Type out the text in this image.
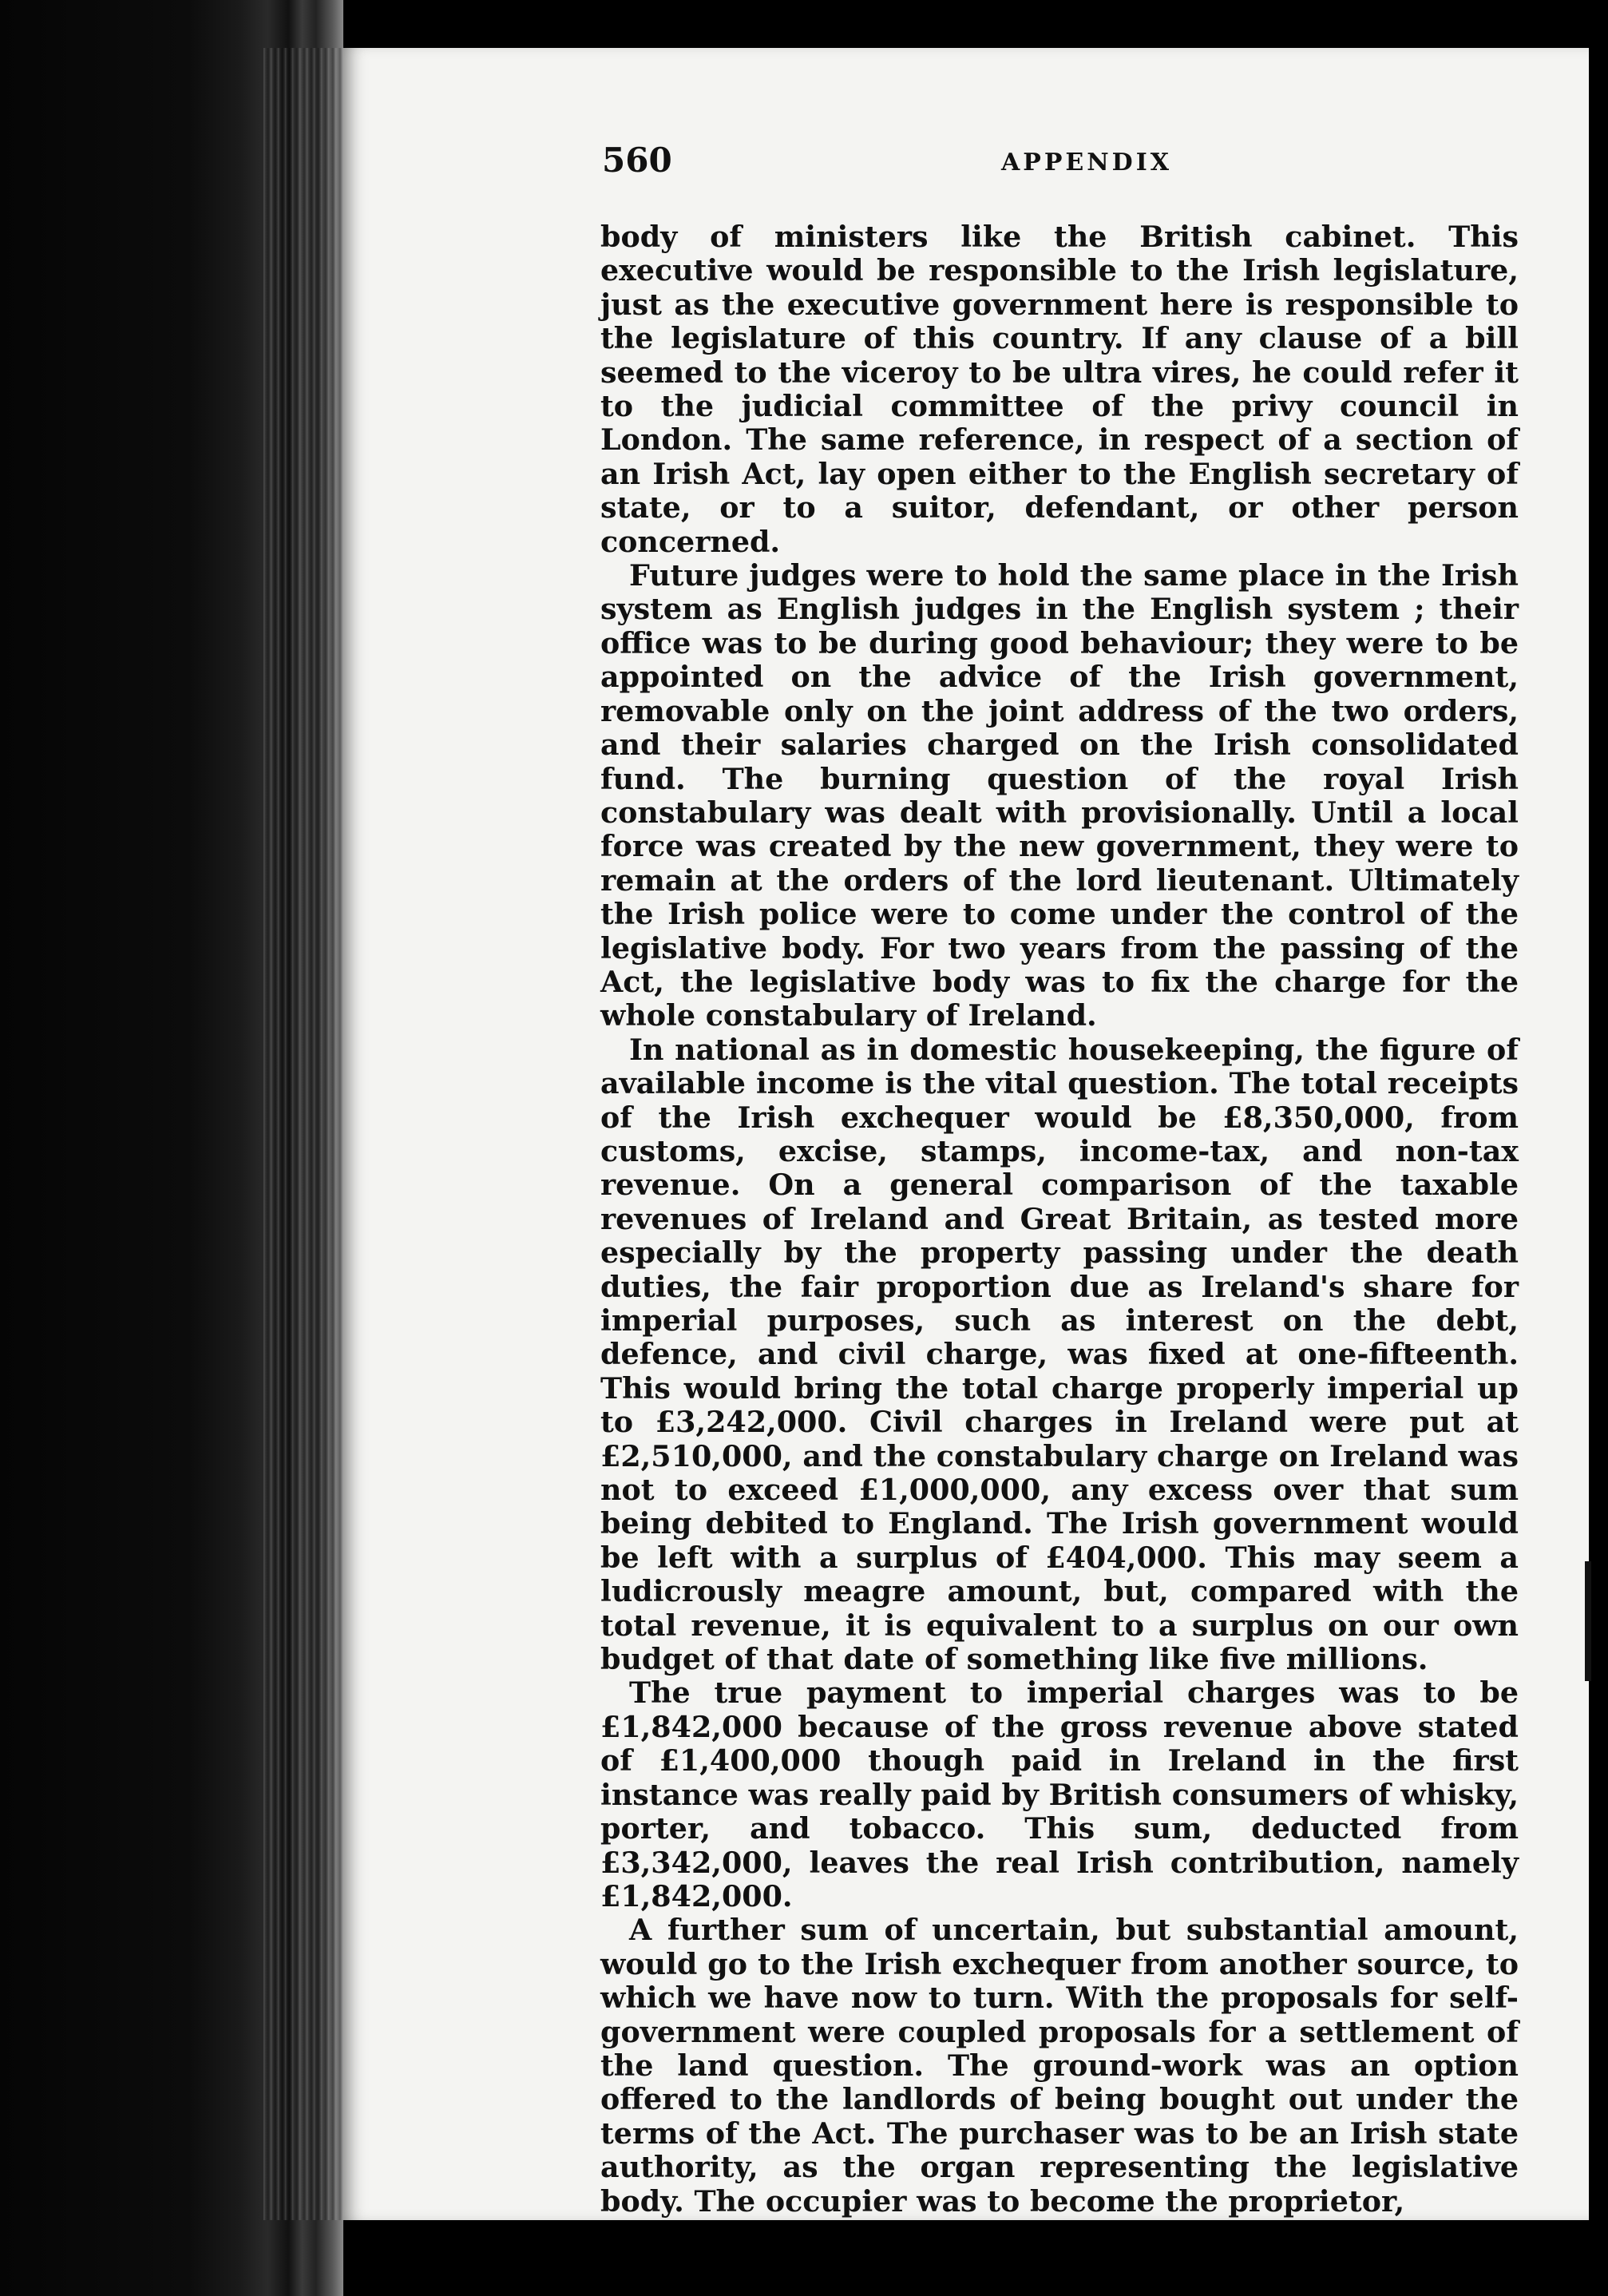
560	APPENDIX

body of ministers like the British cabinet. This executive would be responsible to the Irish legislature, just as the executive government here is responsible to the legislature of this country. If any clause of a bill seemed to the viceroy to be ultra vires, he could refer it to the judicial committee of the privy council in London. The same reference, in respect of a section of an Irish Act, lay open either to the English secretary of state, or to a suitor, defendant, or other person concerned.

Future judges were to hold the same place in the Irish system as English judges in the English system ; their office was to be during good behaviour; they were to be appointed on the advice of the Irish government, removable only on the joint address of the two orders, and their salaries charged on the Irish consolidated fund. The burning question of the royal Irish constabulary was dealt with provisionally. Until a local force was created by the new government, they were to remain at the orders of the lord lieutenant. Ultimately the Irish police were to come under the control of the legislative body. For two years from the passing of the Act, the legislative body was to fix the charge for the whole constabulary of Ireland.

In national as in domestic housekeeping, the figure of available income is the vital question. The total receipts of the Irish exchequer would be £8,350,000, from customs, excise, stamps, income-tax, and non-tax revenue. On a general comparison of the taxable revenues of Ireland and Great Britain, as tested more especially by the property passing under the death duties, the fair proportion due as Ireland's share for imperial purposes, such as interest on the debt, defence, and civil charge, was fixed at one-fifteenth. This would bring the total charge properly imperial up to £3,242,000. Civil charges in Ireland were put at £2,510,000, and the constabulary charge on Ireland was not to exceed £1,000,000, any excess over that sum being debited to England. The Irish government would be left with a surplus of £404,000. This may seem a ludicrously meagre amount, but, compared with the total revenue, it is equivalent to a surplus on our own budget of that date of something like five millions.

The true payment to imperial charges was to be £1,842,000 because of the gross revenue above stated of £1,400,000 though paid in Ireland in the first instance was really paid by British consumers of whisky, porter, and tobacco. This sum, deducted from £3,342,000, leaves the real Irish contribution, namely £1,842,000.

A further sum of uncertain, but substantial amount, would go to the Irish exchequer from another source, to which we have now to turn. With the proposals for self-government were coupled proposals for a settlement of the land question. The ground-work was an option offered to the landlords of being bought out under the terms of the Act. The purchaser was to be an Irish state authority, as the organ representing the legislative body. The occupier was to become the proprietor,
